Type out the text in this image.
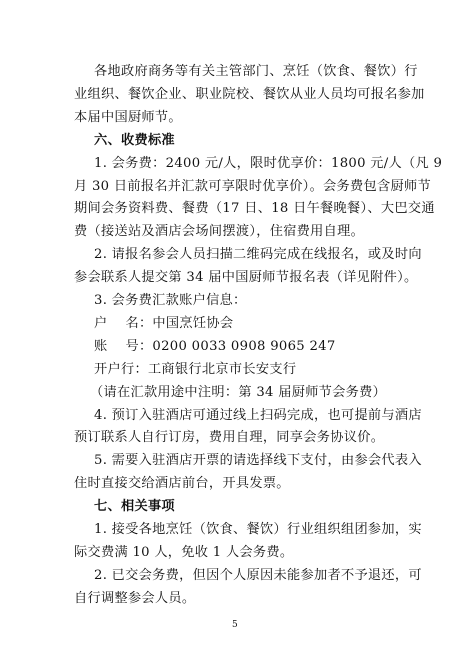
各地政府商务等有关主管部门、烹饪（饮食、餐饮）行
业组织、餐饮企业、职业院校、餐饮从业人员均可报名参加
本届中国厨师节。
六、收费标准
1. 会务费：2400 元/人，限时优享价：1800 元/人（凡 9
月 30 日前报名并汇款可享限时优享价）。会务费包含厨师节
期间会务资料费、餐费（17 日、18 日午餐晚餐）、大巴交通
费（接送站及酒店会场间摆渡），住宿费用自理。
2. 请报名参会人员扫描二维码完成在线报名，或及时向
参会联系人提交第 34 届中国厨师节报名表（详见附件）。
3. 会务费汇款账户信息：
户    名：中国烹饪协会
账    号：0200 0033 0908 9065 247
开户行：工商银行北京市长安支行
（请在汇款用途中注明：第 34 届厨师节会务费）
4. 预订入驻酒店可通过线上扫码完成，也可提前与酒店
预订联系人自行订房，费用自理，同享会务协议价。
5. 需要入驻酒店开票的请选择线下支付，由参会代表入
住时直接交给酒店前台，开具发票。
七、相关事项
1. 接受各地烹饪（饮食、餐饮）行业组织组团参加，实
际交费满 10 人，免收 1 人会务费。
2. 已交会务费，但因个人原因未能参加者不予退还，可
自行调整参会人员。
5
